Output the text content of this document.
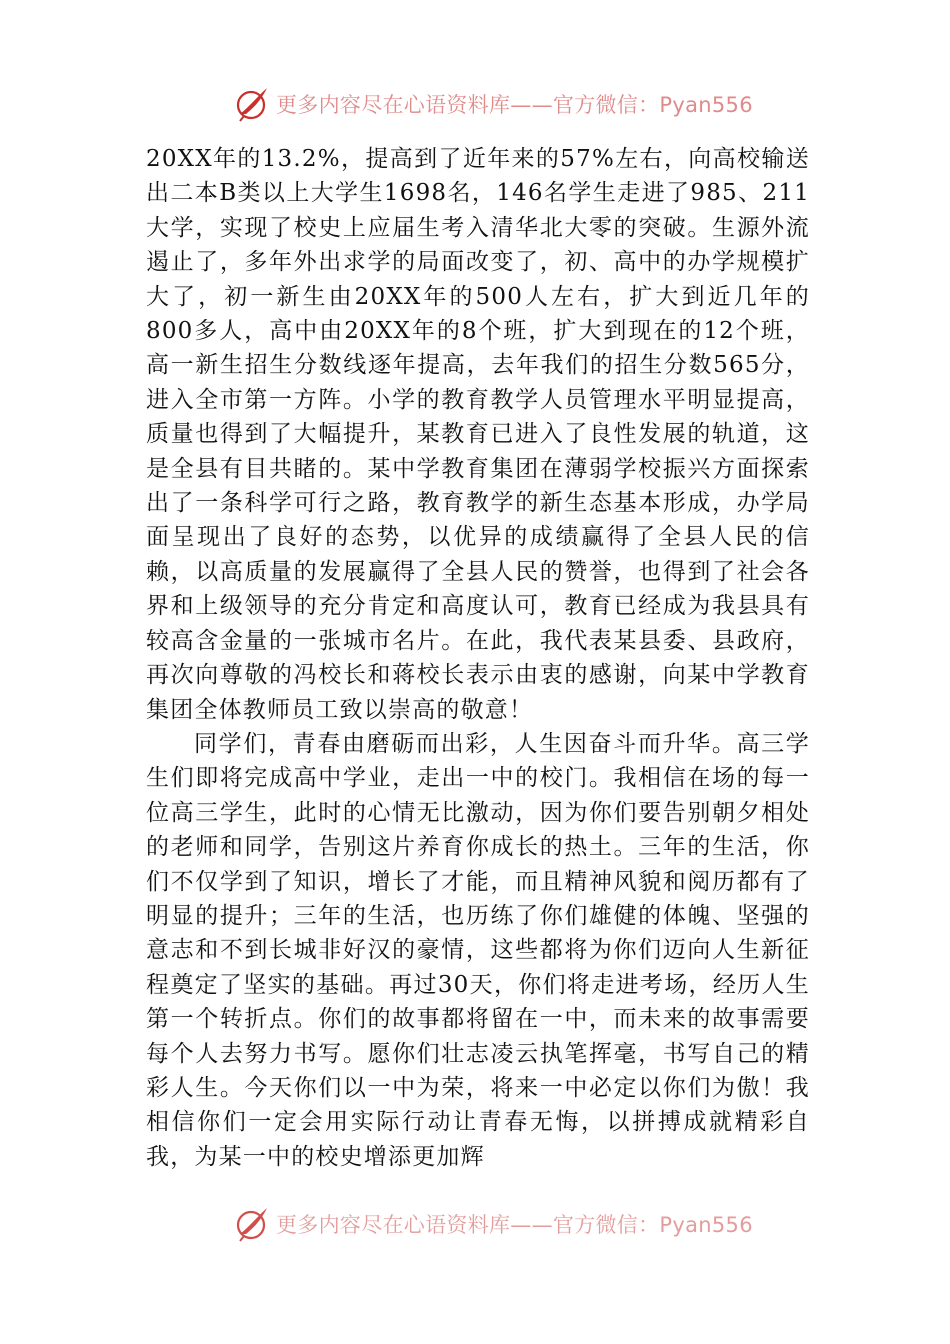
更多内容尽在心语资料库——官方微信：Pyan556

20XX年的13.2%，提高到了近年来的57%左右，向高校输送出二本B类以上大学生1698名，146名学生走进了985、211大学，实现了校史上应届生考入清华北大零的突破。生源外流遏止了，多年外出求学的局面改变了，初、高中的办学规模扩大了，初一新生由20XX年的500人左右，扩大到近几年的800多人，高中由20XX年的8个班，扩大到现在的12个班，高一新生招生分数线逐年提高，去年我们的招生分数565分，进入全市第一方阵。小学的教育教学人员管理水平明显提高，质量也得到了大幅提升，某教育已进入了良性发展的轨道，这是全县有目共睹的。某中学教育集团在薄弱学校振兴方面探索出了一条科学可行之路，教育教学的新生态基本形成，办学局面呈现出了良好的态势，以优异的成绩赢得了全县人民的信赖，以高质量的发展赢得了全县人民的赞誉，也得到了社会各界和上级领导的充分肯定和高度认可，教育已经成为我县具有较高含金量的一张城市名片。在此，我代表某县委、县政府，再次向尊敬的冯校长和蒋校长表示由衷的感谢，向某中学教育集团全体教师员工致以崇高的敬意！

同学们，青春由磨砺而出彩，人生因奋斗而升华。高三学生们即将完成高中学业，走出一中的校门。我相信在场的每一位高三学生，此时的心情无比激动，因为你们要告别朝夕相处的老师和同学，告别这片养育你成长的热土。三年的生活，你们不仅学到了知识，增长了才能，而且精神风貌和阅历都有了明显的提升；三年的生活，也历练了你们雄健的体魄、坚强的意志和不到长城非好汉的豪情，这些都将为你们迈向人生新征程奠定了坚实的基础。再过30天，你们将走进考场，经历人生第一个转折点。你们的故事都将留在一中，而未来的故事需要每个人去努力书写。愿你们壮志凌云执笔挥毫，书写自己的精彩人生。今天你们以一中为荣，将来一中必定以你们为傲！我相信你们一定会用实际行动让青春无悔，以拼搏成就精彩自我，为某一中的校史增添更加辉

更多内容尽在心语资料库——官方微信：Pyan556
